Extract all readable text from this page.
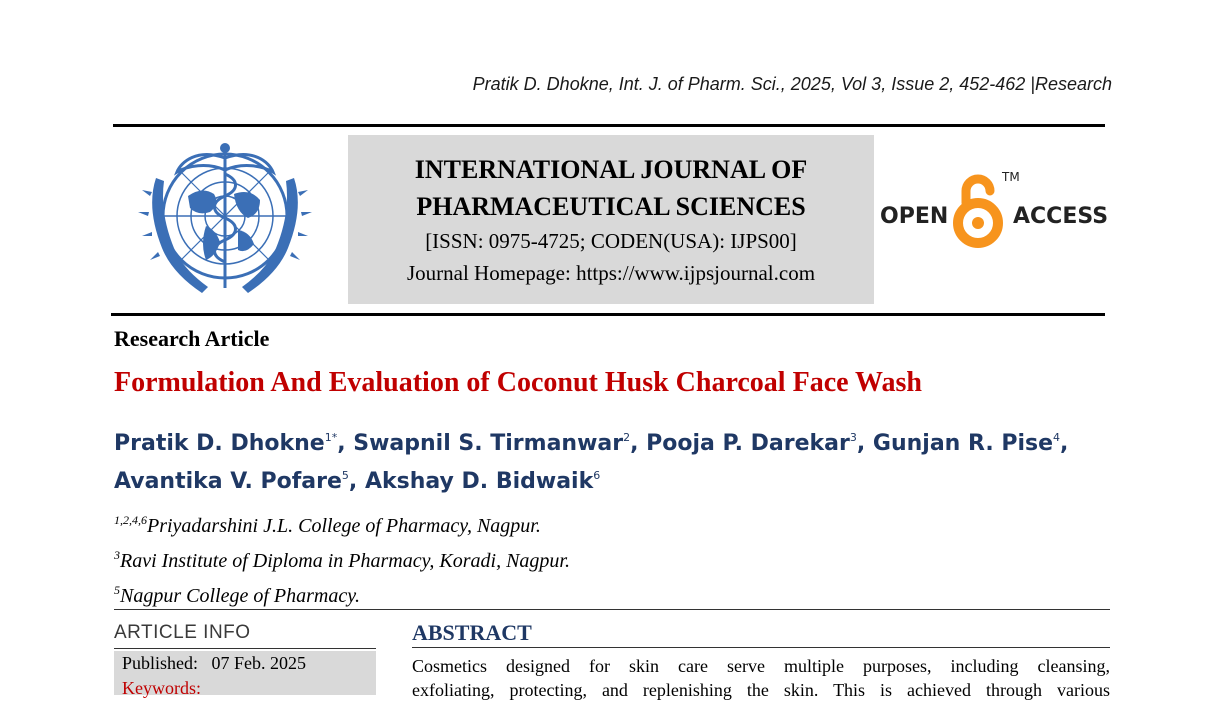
Pratik D. Dhokne, Int. J. of Pharm. Sci., 2025, Vol 3, Issue 2, 452-462 |Research
INTERNATIONAL JOURNAL OF
PHARMACEUTICAL SCIENCES
[ISSN: 0975-4725; CODEN(USA): IJPS00]
Journal Homepage: https://www.ijpsjournal.com
OPEN
TM
ACCESS
Research Article
Formulation And Evaluation of Coconut Husk Charcoal Face Wash
Pratik D. Dhokne$^{1*}$, Swapnil S. Tirmanwar$^2$, Pooja P. Darekar$^3$, Gunjan R. Pise$^4$,
Avantika V. Pofare$^5$, Akshay D. Bidwaik$^6$
$^{1,2,4,6}$Priyadarshini J.L. College of Pharmacy, Nagpur.
$^3$Ravi Institute of Diploma in Pharmacy, Koradi, Nagpur.
$^5$Nagpur College of Pharmacy.
ARTICLE INFO
Published: 07 Feb. 2025
Keywords:
ABSTRACT
Cosmetics designed for skin care serve multiple purposes, including cleansing,
exfoliating, protecting, and replenishing the skin. This is achieved through various
